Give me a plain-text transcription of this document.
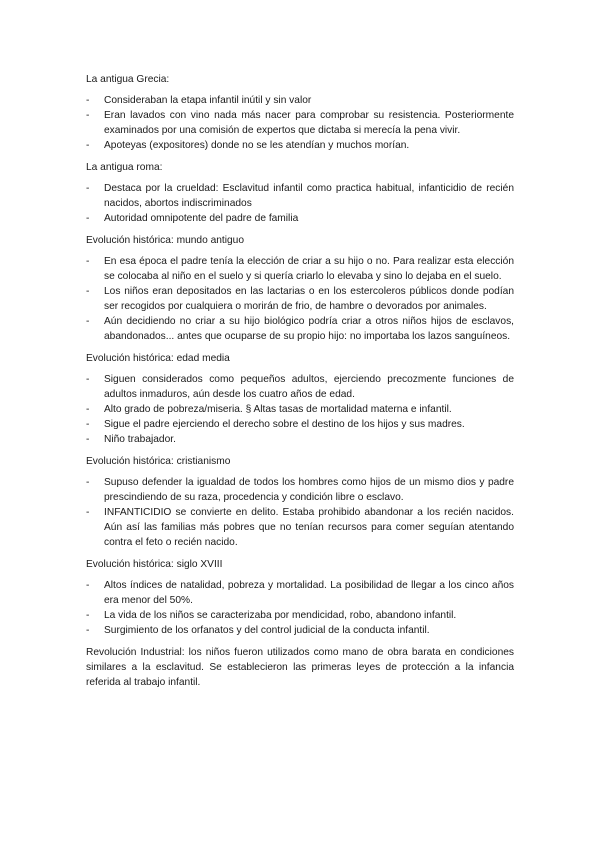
La antigua Grecia:

- Consideraban la etapa infantil inútil y sin valor
- Eran lavados con vino nada más nacer para comprobar su resistencia. Posteriormente examinados por una comisión de expertos que dictaba si merecía la pena vivir.
- Apoteyas (expositores) donde no se les atendían y muchos morían.

La antigua roma:

- Destaca por la crueldad: Esclavitud infantil como practica habitual, infanticidio de recién nacidos, abortos indiscriminados
- Autoridad omnipotente del padre de familia

Evolución histórica: mundo antiguo

- En esa época el padre tenía la elección de criar a su hijo o no. Para realizar esta elección se colocaba al niño en el suelo y si quería criarlo lo elevaba y sino lo dejaba en el suelo.
- Los niños eran depositados en las lactarias o en los estercoleros públicos donde podían ser recogidos por cualquiera o morirán de frio, de hambre o devorados por animales.
- Aún decidiendo no criar a su hijo biológico podría criar a otros niños hijos de esclavos, abandonados... antes que ocuparse de su propio hijo: no importaba los lazos sanguíneos.

Evolución histórica: edad media

- Siguen considerados como pequeños adultos, ejerciendo precozmente funciones de adultos inmaduros, aún desde los cuatro años de edad.
- Alto grado de pobreza/miseria. § Altas tasas de mortalidad materna e infantil.
- Sigue el padre ejerciendo el derecho sobre el destino de los hijos y sus madres.
- Niño trabajador.

Evolución histórica: cristianismo

- Supuso defender la igualdad de todos los hombres como hijos de un mismo dios y padre prescindiendo de su raza, procedencia y condición libre o esclavo.
- INFANTICIDIO se convierte en delito. Estaba prohibido abandonar a los recién nacidos. Aún así las familias más pobres que no tenían recursos para comer seguían atentando contra el feto o recién nacido.

Evolución histórica: siglo XVIII

- Altos índices de natalidad, pobreza y mortalidad. La posibilidad de llegar a los cinco años era menor del 50%.
- La vida de los niños se caracterizaba por mendicidad, robo, abandono infantil.
- Surgimiento de los orfanatos y del control judicial de la conducta infantil.

Revolución Industrial: los niños fueron utilizados como mano de obra barata en condiciones similares a la esclavitud. Se establecieron las primeras leyes de protección a la infancia referida al trabajo infantil.
